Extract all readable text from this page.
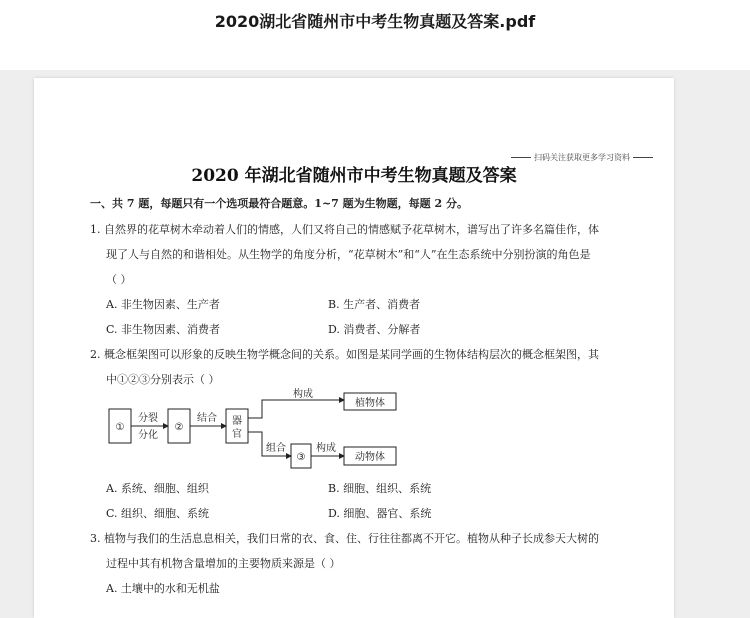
2020湖北省随州市中考生物真题及答案.pdf
扫码关注获取更多学习资料
2020 年湖北省随州市中考生物真题及答案
一、共 7 题，每题只有一个选项最符合题意。1~7 题为生物题，每题 2 分。
1. 自然界的花草树木牵动着人们的情感，人们又将自己的情感赋予花草树木，谱写出了许多名篇佳作，体
现了人与自然的和谐相处。从生物学的角度分析，“花草树木”和“人”在生态系统中分别扮演的角色是
（ ）
A. 非生物因素、生产者	B. 生产者、消费者
C. 非生物因素、消费者	D. 消费者、分解者
2. 概念框架图可以形象的反映生物学概念间的关系。如图是某同学画的生物体结构层次的概念框架图，其
中①②③分别表示（ ）
①
分裂
分化
②
结合 器
官
构成
植物体
组合
③
构成
动物体
A. 系统、细胞、组织	B. 细胞、组织、系统
C. 组织、细胞、系统	D. 细胞、器官、系统
3. 植物与我们的生活息息相关，我们日常的衣、食、住、行往往都离不开它。植物从种子长成参天大树的
过程中其有机物含量增加的主要物质来源是（ ）
A. 土壤中的水和无机盐
